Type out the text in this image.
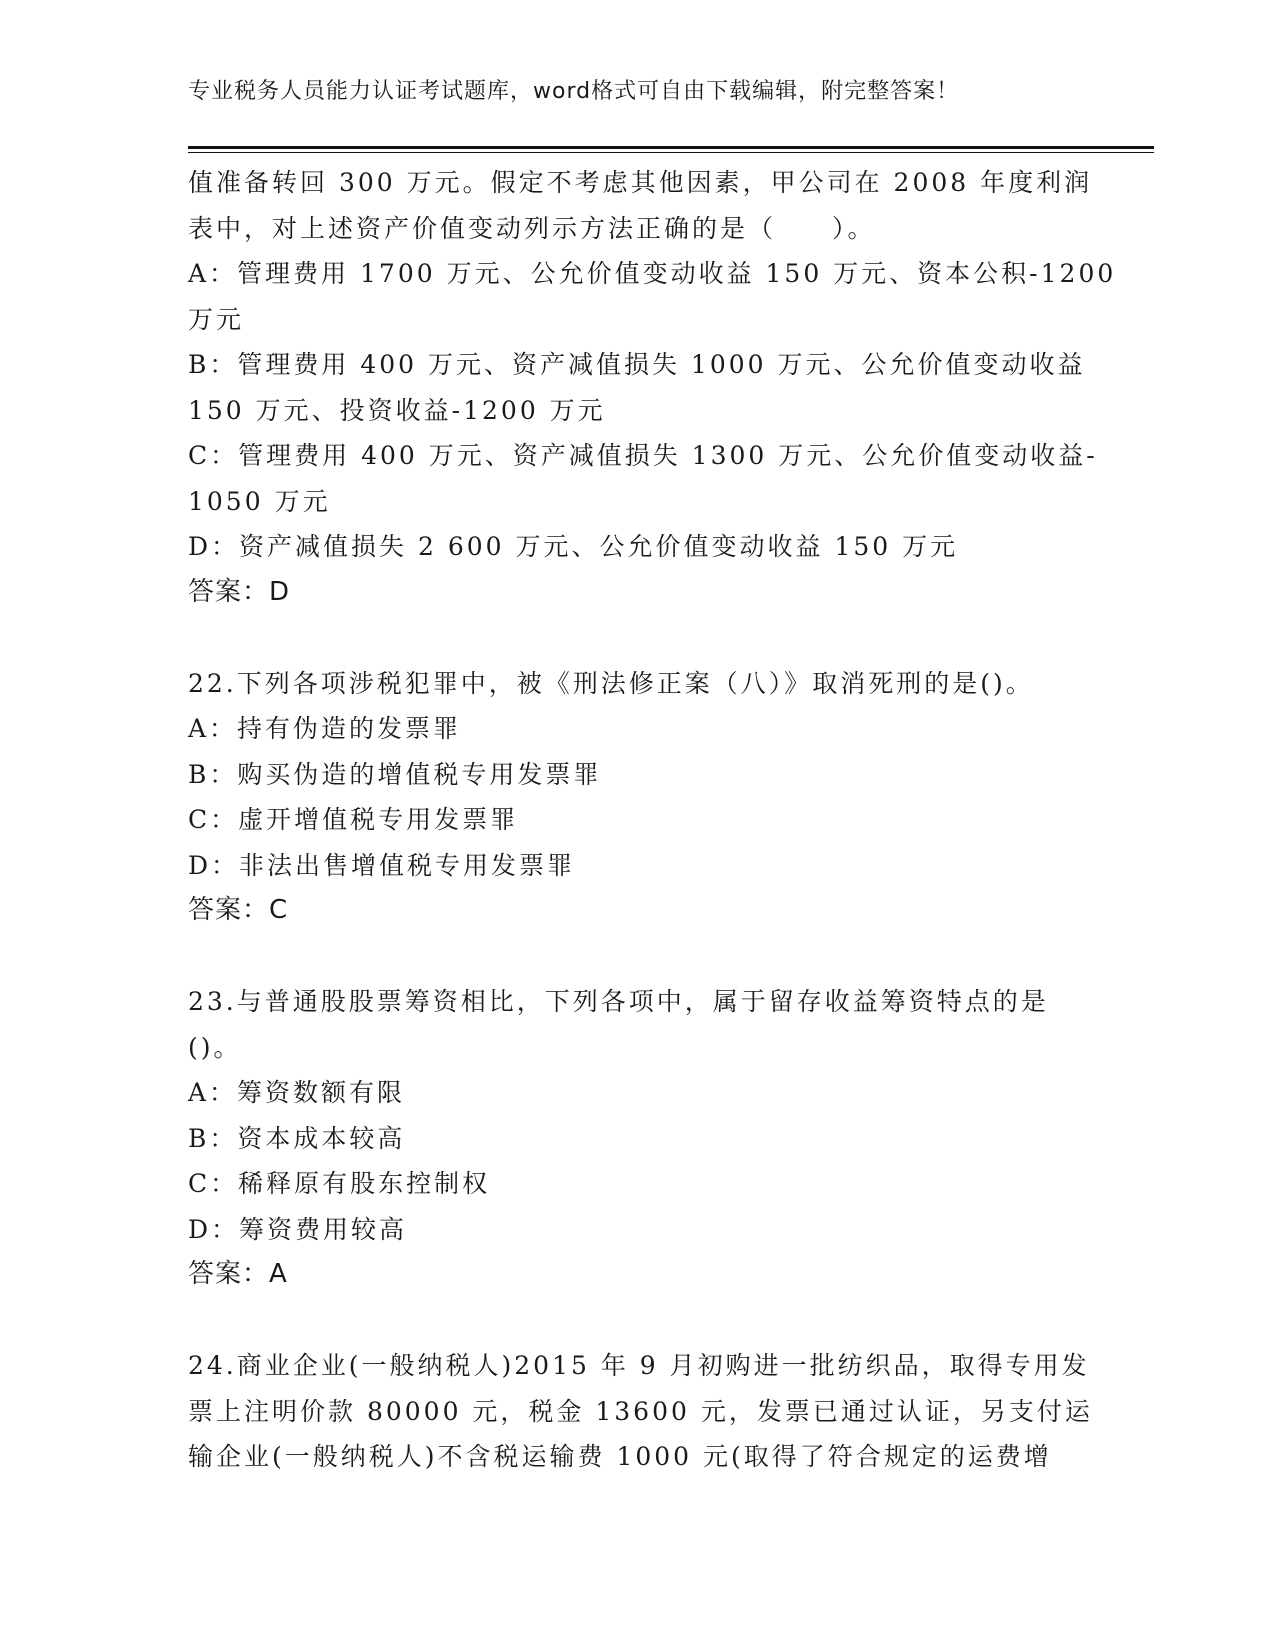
专业税务人员能力认证考试题库，word格式可自由下载编辑，附完整答案！
值准备转回 300 万元。假定不考虑其他因素，甲公司在 2008 年度利润
表中，对上述资产价值变动列示方法正确的是（　　）。
A：管理费用 1700 万元、公允价值变动收益 150 万元、资本公积-1200
万元
B：管理费用 400 万元、资产减值损失 1000 万元、公允价值变动收益
150 万元、投资收益-1200 万元
C：管理费用 400 万元、资产减值损失 1300 万元、公允价值变动收益-
1050 万元
D：资产减值损失 2 600 万元、公允价值变动收益 150 万元
答案：D
22.下列各项涉税犯罪中，被《刑法修正案（八）》取消死刑的是()。
A：持有伪造的发票罪
B：购买伪造的增值税专用发票罪
C：虚开增值税专用发票罪
D：非法出售增值税专用发票罪
答案：C
23.与普通股股票筹资相比，下列各项中，属于留存收益筹资特点的是
()。
A：筹资数额有限
B：资本成本较高
C：稀释原有股东控制权
D：筹资费用较高
答案：A
24.商业企业(一般纳税人)2015 年 9 月初购进一批纺织品，取得专用发
票上注明价款 80000 元，税金 13600 元，发票已通过认证，另支付运
输企业(一般纳税人)不含税运输费 1000 元(取得了符合规定的运费增
